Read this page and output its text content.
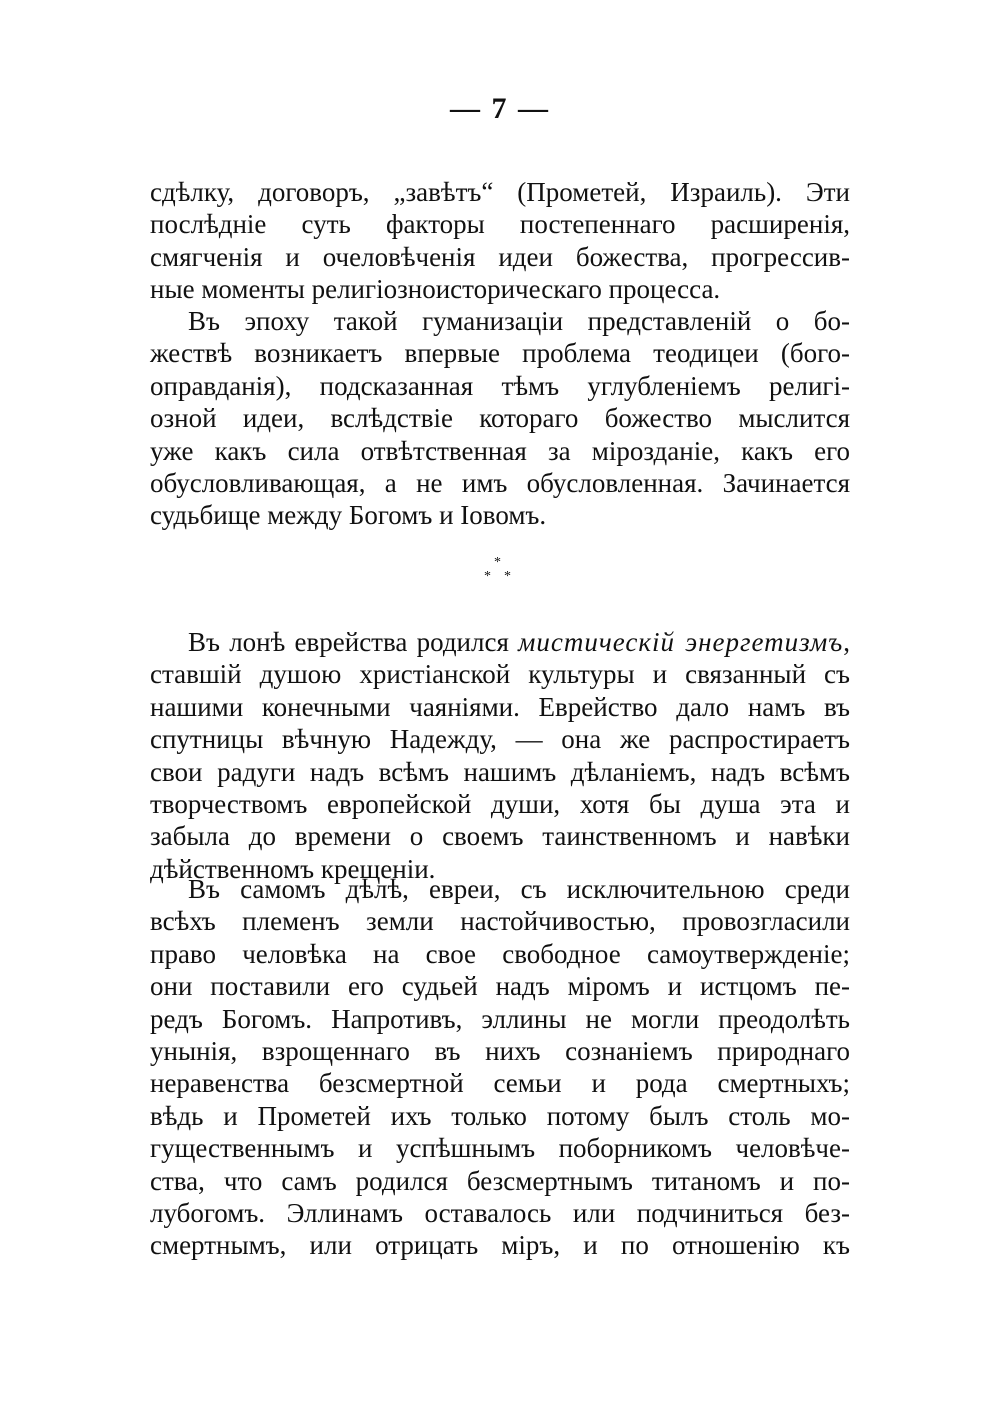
— 7 —
сдѣлку, договоръ, „завѣтъ“ (Прометей, Израиль). Эти
послѣдніе суть факторы постепеннаго расширенія,
смягченія и очеловѣченія идеи божества, прогрессив-
ные моменты религіозноисторическаго процесса.
Въ эпоху такой гуманизаціи представленій о бо-
жествѣ возникаетъ впервые проблема теодицеи (бого-
оправданія), подсказанная тѣмъ углубленіемъ религі-
озной идеи, вслѣдствіе котораго божество мыслится
уже какъ сила отвѣтственная за мірозданіе, какъ его
обусловливающая, а не имъ обусловленная. Зачинается
судьбище между Богомъ и Іовомъ.
*
* *
Въ лонѣ еврейства родился мистическій энергетизмъ,
ставшій душою христіанской культуры и связанный съ
нашими конечными чаяніями. Еврейство дало намъ въ
спутницы вѣчную Надежду, — она же распростираетъ
свои радуги надъ всѣмъ нашимъ дѣланіемъ, надъ всѣмъ
творчествомъ европейской души, хотя бы душа эта и
забыла до времени о своемъ таинственномъ и навѣки
дѣйственномъ крещеніи.
Въ самомъ дѣлѣ, евреи, съ исключительною среди
всѣхъ племенъ земли настойчивостью, провозгласили
право человѣка на свое свободное самоутвержденіе;
они поставили его судьей надъ міромъ и истцомъ пе-
редъ Богомъ. Напротивъ, эллины не могли преодолѣть
унынія, взрощеннаго въ нихъ сознаніемъ природнаго
неравенства безсмертной семьи и рода смертныхъ;
вѣдь и Прометей ихъ только потому былъ столь мо-
гущественнымъ и успѣшнымъ поборникомъ человѣче-
ства, что самъ родился безсмертнымъ титаномъ и по-
лубогомъ. Эллинамъ оставалось или подчиниться без-
смертнымъ, или отрицать міръ, и по отношенію къ
